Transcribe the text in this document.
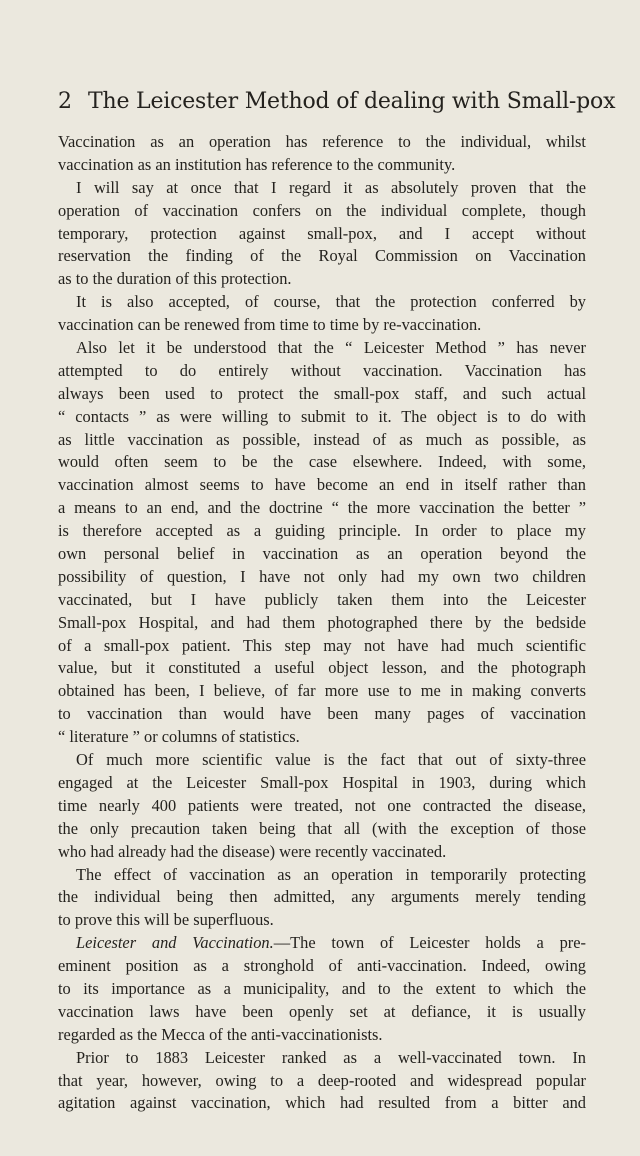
2 The Leicester Method of dealing with Small-pox
Vaccination as an operation has reference to the individual, whilst
vaccination as an institution has reference to the community.
I will say at once that I regard it as absolutely proven that the
operation of vaccination confers on the individual complete, though
temporary, protection against small-pox, and I accept without
reservation the finding of the Royal Commission on Vaccination
as to the duration of this protection.
It is also accepted, of course, that the protection conferred by
vaccination can be renewed from time to time by re-vaccination.
Also let it be understood that the “ Leicester Method ” has never
attempted to do entirely without vaccination. Vaccination has
always been used to protect the small-pox staff, and such actual
“ contacts ” as were willing to submit to it. The object is to do with
as little vaccination as possible, instead of as much as possible, as
would often seem to be the case elsewhere. Indeed, with some,
vaccination almost seems to have become an end in itself rather than
a means to an end, and the doctrine “ the more vaccination the better ”
is therefore accepted as a guiding principle. In order to place my
own personal belief in vaccination as an operation beyond the
possibility of question, I have not only had my own two children
vaccinated, but I have publicly taken them into the Leicester
Small-pox Hospital, and had them photographed there by the bedside
of a small-pox patient. This step may not have had much scientific
value, but it constituted a useful object lesson, and the photograph
obtained has been, I believe, of far more use to me in making converts
to vaccination than would have been many pages of vaccination
“ literature ” or columns of statistics.
Of much more scientific value is the fact that out of sixty-three
engaged at the Leicester Small-pox Hospital in 1903, during which
time nearly 400 patients were treated, not one contracted the disease,
the only precaution taken being that all (with the exception of those
who had already had the disease) were recently vaccinated.
The effect of vaccination as an operation in temporarily protecting
the individual being then admitted, any arguments merely tending
to prove this will be superfluous.
Leicester and Vaccination.—The town of Leicester holds a pre-
eminent position as a stronghold of anti-vaccination. Indeed, owing
to its importance as a municipality, and to the extent to which the
vaccination laws have been openly set at defiance, it is usually
regarded as the Mecca of the anti-vaccinationists.
Prior to 1883 Leicester ranked as a well-vaccinated town. In
that year, however, owing to a deep-rooted and widespread popular
agitation against vaccination, which had resulted from a bitter and
